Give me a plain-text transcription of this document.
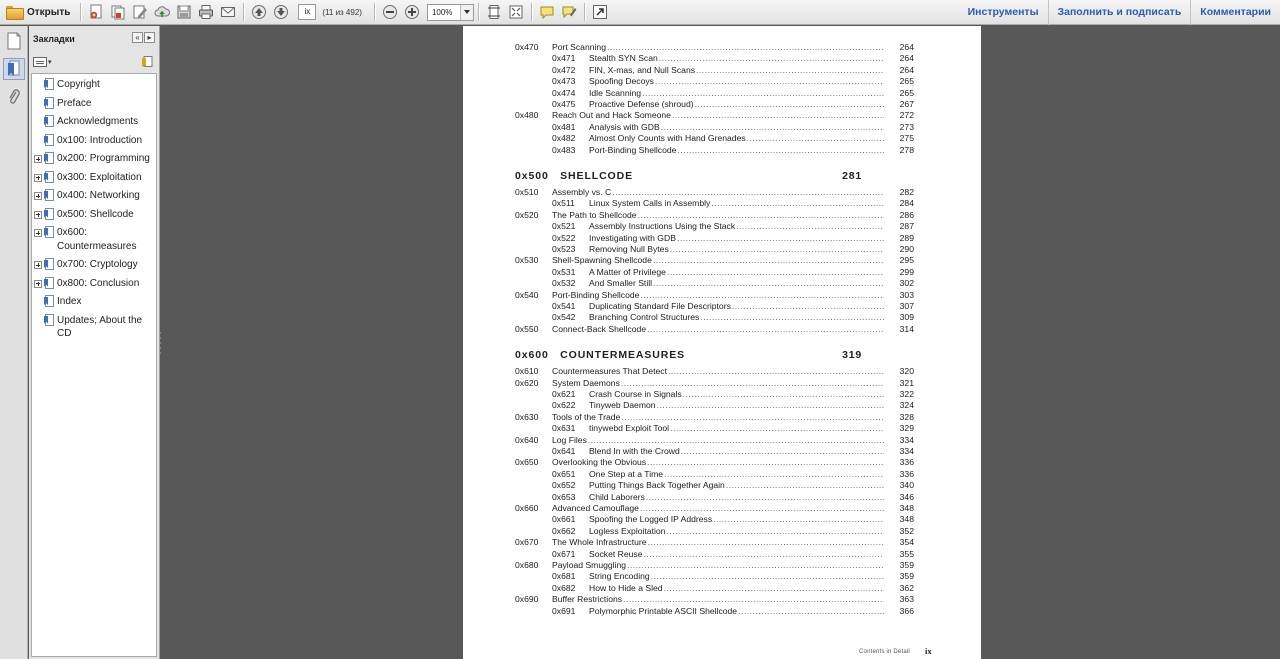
Открыть	ix	(11 из 492)	100%	Инструменты	Заполнить и подписать	Комментарии
Закладки	« ▸
▾
Copyright
Preface
Acknowledgments
0x100: Introduction
0x200: Programming
0x300: Exploitation
0x400: Networking
0x500: Shellcode
0x600: Countermeasures
0x700: Cryptology
0x800: Conclusion
Index
Updates; About the CD
Contents in Detail ix
0x470 Port Scanning .....	264
0x471 Stealth SYN Scan .....	264
0x472 FIN, X-mas, and Null Scans .....	264
0x473 Spoofing Decoys .....	265
0x474 Idle Scanning .....	265
0x475 Proactive Defense (shroud) .....	267
0x480 Reach Out and Hack Someone .....	272
0x481 Analysis with GDB .....	273
0x482 Almost Only Counts with Hand Grenades .....	275
0x483 Port-Binding Shellcode .....	278
0x500   SHELLCODE	281
0x510 Assembly vs. C .....	282
0x511 Linux System Calls in Assembly .....	284
0x520 The Path to Shellcode .....	286
0x521 Assembly Instructions Using the Stack .....	287
0x522 Investigating with GDB .....	289
0x523 Removing Null Bytes .....	290
0x530 Shell-Spawning Shellcode .....	295
0x531 A Matter of Privilege .....	299
0x532 And Smaller Still .....	302
0x540 Port-Binding Shellcode .....	303
0x541 Duplicating Standard File Descriptors .....	307
0x542 Branching Control Structures .....	309
0x550 Connect-Back Shellcode .....	314
0x600   COUNTERMEASURES	319
0x610 Countermeasures That Detect .....	320
0x620 System Daemons .....	321
0x621 Crash Course in Signals .....	322
0x622 Tinyweb Daemon .....	324
0x630 Tools of the Trade .....	328
0x631 tinywebd Exploit Tool .....	329
0x640 Log Files .....	334
0x641 Blend In with the Crowd .....	334
0x650 Overlooking the Obvious .....	336
0x651 One Step at a Time .....	336
0x652 Putting Things Back Together Again .....	340
0x653 Child Laborers .....	346
0x660 Advanced Camouflage .....	348
0x661 Spoofing the Logged IP Address .....	348
0x662 Logless Exploitation .....	352
0x670 The Whole Infrastructure .....	354
0x671 Socket Reuse .....	355
0x680 Payload Smuggling .....	359
0x681 String Encoding .....	359
0x682 How to Hide a Sled .....	362
0x690 Buffer Restrictions .....	363
0x691 Polymorphic Printable ASCII Shellcode .....	366
